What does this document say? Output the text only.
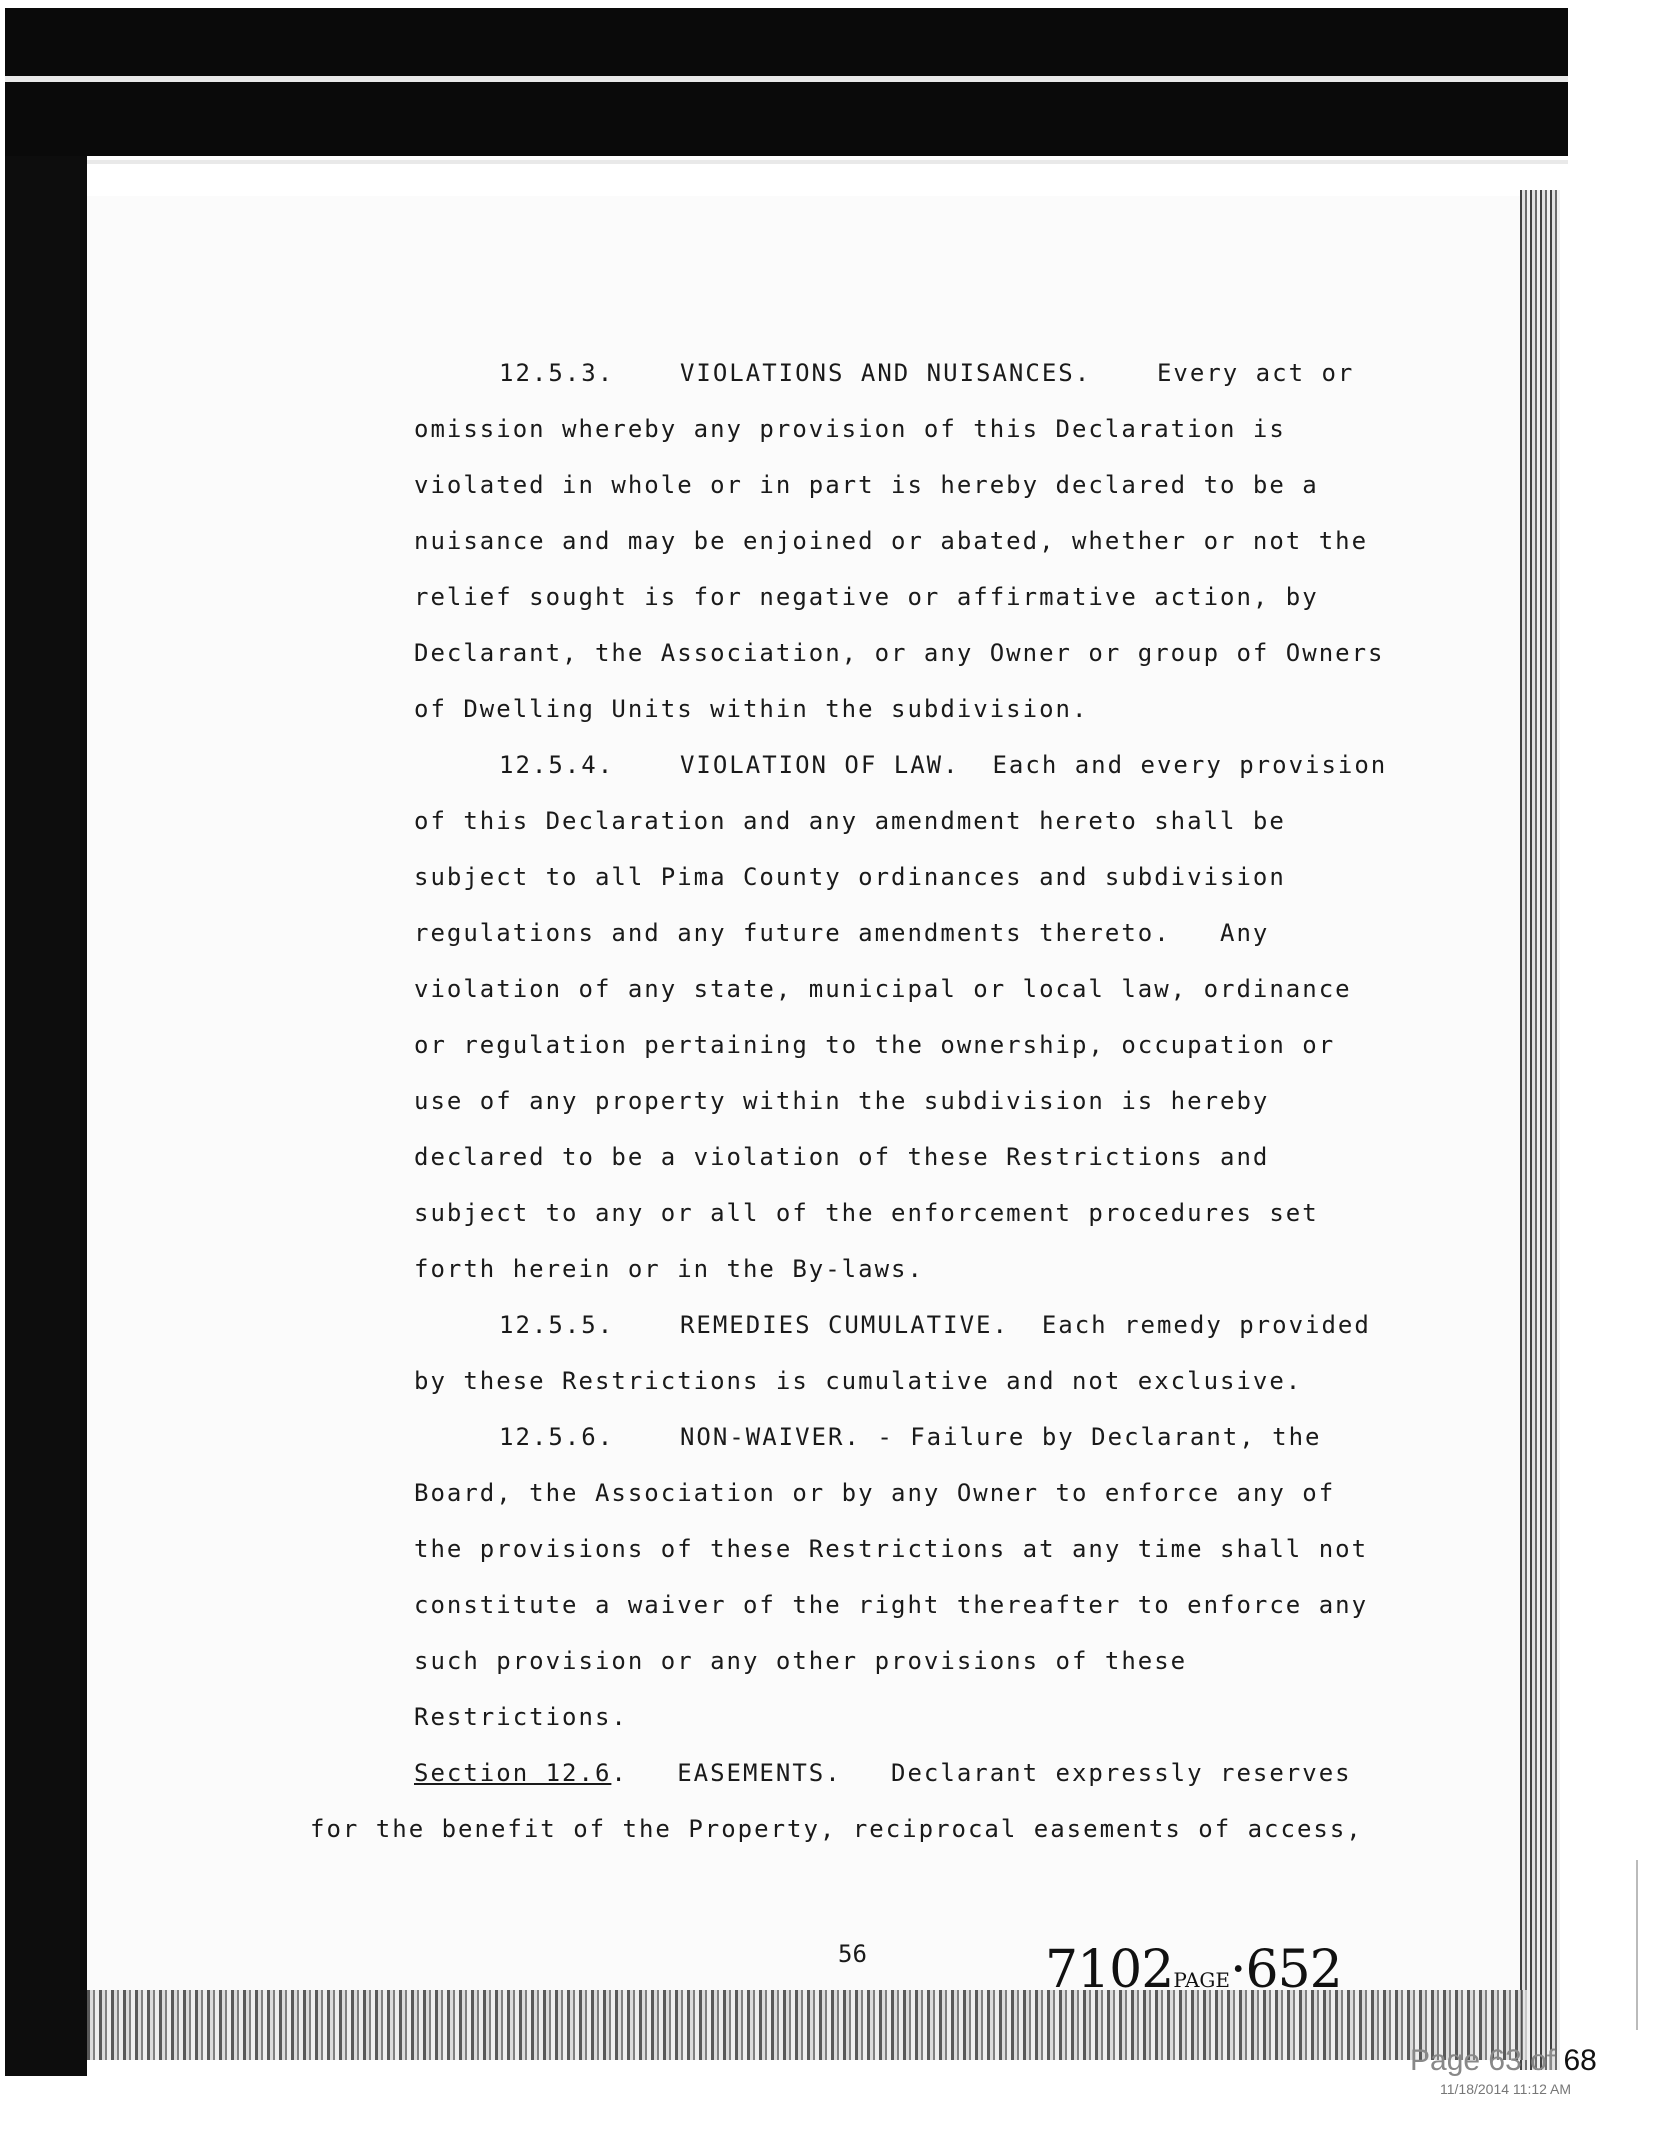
12.5.3.    VIOLATIONS AND NUISANCES.    Every act or
omission whereby any provision of this Declaration is
violated in whole or in part is hereby declared to be a
nuisance and may be enjoined or abated, whether or not the
relief sought is for negative or affirmative action, by
Declarant, the Association, or any Owner or group of Owners
of Dwelling Units within the subdivision.
12.5.4.    VIOLATION OF LAW.  Each and every provision
of this Declaration and any amendment hereto shall be
subject to all Pima County ordinances and subdivision
regulations and any future amendments thereto.   Any
violation of any state, municipal or local law, ordinance
or regulation pertaining to the ownership, occupation or
use of any property within the subdivision is hereby
declared to be a violation of these Restrictions and
subject to any or all of the enforcement procedures set
forth herein or in the By-laws.
12.5.5.    REMEDIES CUMULATIVE.  Each remedy provided
by these Restrictions is cumulative and not exclusive.
12.5.6.    NON-WAIVER. - Failure by Declarant, the
Board, the Association or by any Owner to enforce any of
the provisions of these Restrictions at any time shall not
constitute a waiver of the right thereafter to enforce any
such provision or any other provisions of these
Restrictions.
Section 12.6 .   EASEMENTS.   Declarant expressly reserves
for the benefit of the Property, reciprocal easements of access,
56	7102PAGE·652
Page 63 of 68
11/18/2014 11:12 AM
